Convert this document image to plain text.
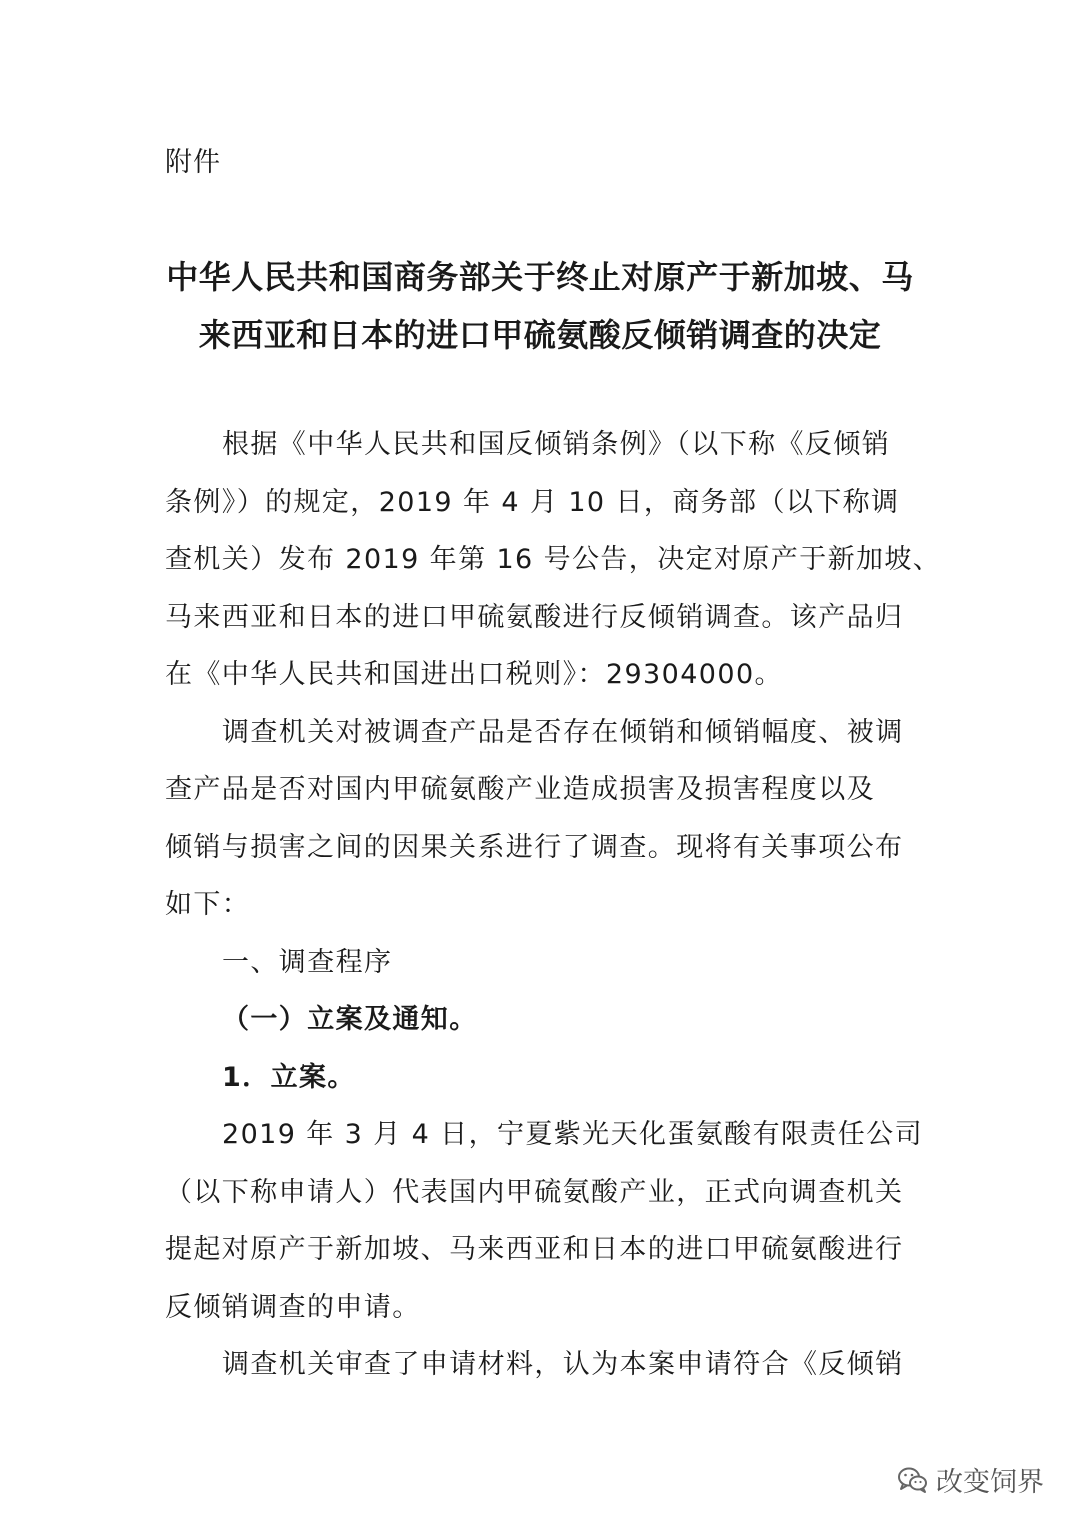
附件
中华人民共和国商务部关于终止对原产于新加坡、马
来西亚和日本的进口甲硫氨酸反倾销调查的决定
根据《中华人民共和国反倾销条例》（以下称《反倾销
条例》）的规定，2019 年 4 月 10 日，商务部（以下称调
查机关）发布 2019 年第 16 号公告，决定对原产于新加坡、
马来西亚和日本的进口甲硫氨酸进行反倾销调查。该产品归
在《中华人民共和国进出口税则》：29304000。
调查机关对被调查产品是否存在倾销和倾销幅度、被调
查产品是否对国内甲硫氨酸产业造成损害及损害程度以及
倾销与损害之间的因果关系进行了调查。现将有关事项公布
如下：
一、调查程序
（一）立案及通知。
1．立案。
2019 年 3 月 4 日，宁夏紫光天化蛋氨酸有限责任公司
（以下称申请人）代表国内甲硫氨酸产业，正式向调查机关
提起对原产于新加坡、马来西亚和日本的进口甲硫氨酸进行
反倾销调查的申请。
调查机关审查了申请材料，认为本案申请符合《反倾销
改变饲界
